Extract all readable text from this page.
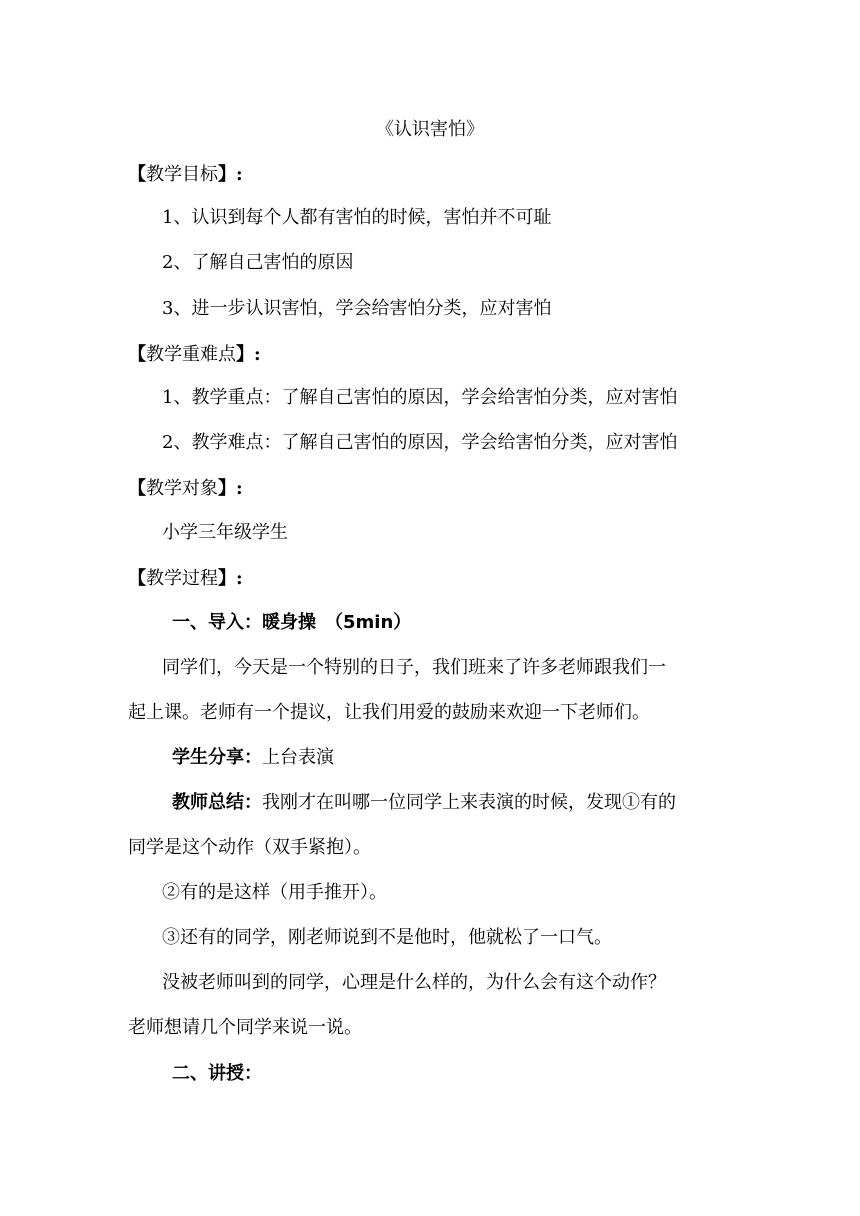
《认识害怕》
【教学目标】:
1、认识到每个人都有害怕的时候，害怕并不可耻
2、了解自己害怕的原因
3、进一步认识害怕，学会给害怕分类，应对害怕
【教学重难点】:
1、教学重点：了解自己害怕的原因，学会给害怕分类，应对害怕
2、教学难点：了解自己害怕的原因，学会给害怕分类，应对害怕
【教学对象】:
小学三年级学生
【教学过程】:
一、导入：暖身操　（5min）
同学们，今天是一个特别的日子，我们班来了许多老师跟我们一
起上课。老师有一个提议，让我们用爱的鼓励来欢迎一下老师们。
学生分享：上台表演
教师总结：我刚才在叫哪一位同学上来表演的时候，发现①有的
同学是这个动作（双手紧抱）。
②有的是这样（用手推开）。
③还有的同学，刚老师说到不是他时，他就松了一口气。
没被老师叫到的同学，心理是什么样的，为什么会有这个动作？
老师想请几个同学来说一说。
二、讲授：
